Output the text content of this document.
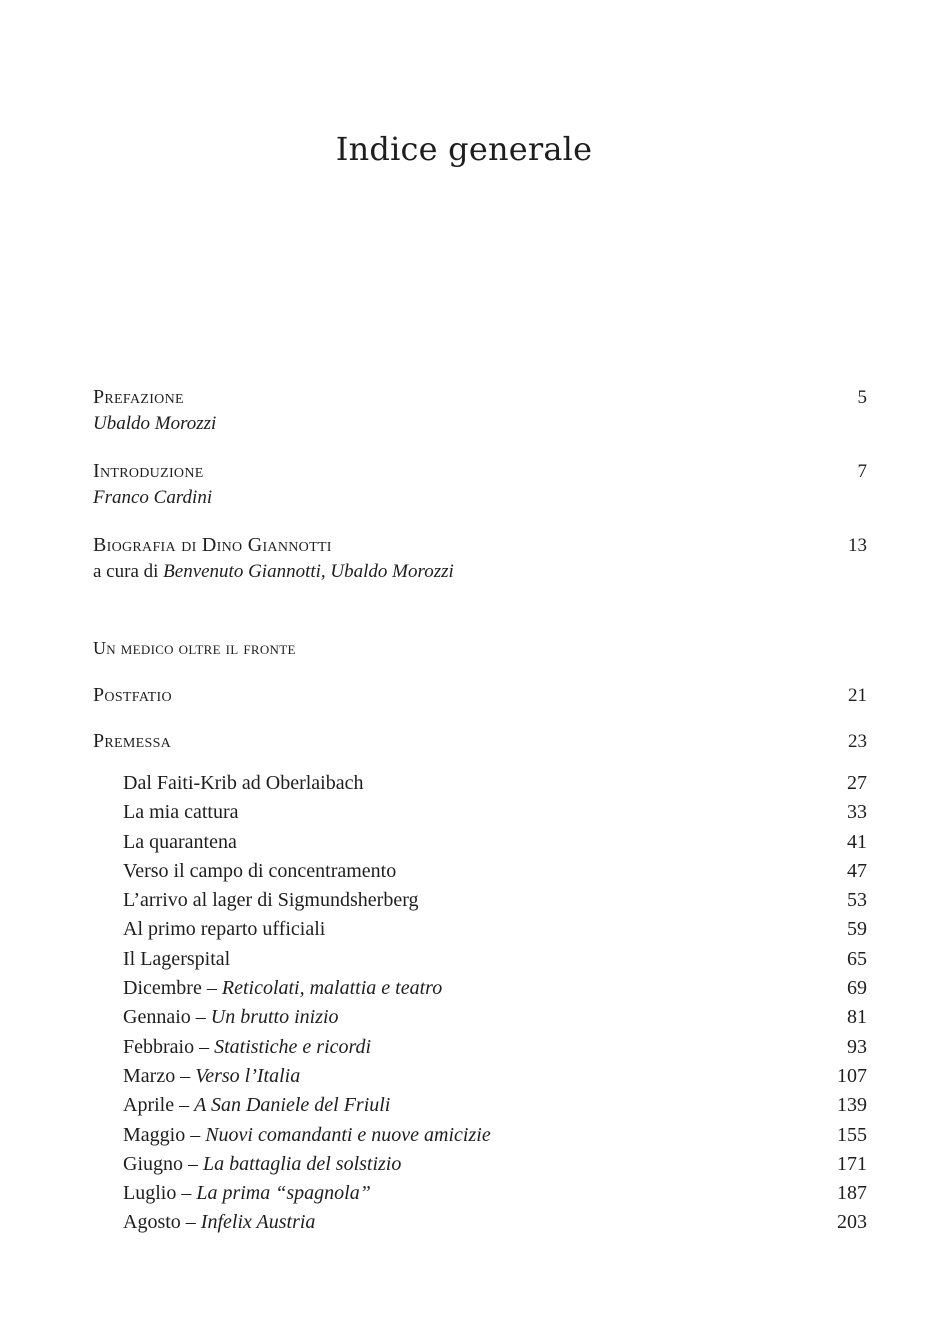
Indice generale
Prefazione	5
Ubaldo Morozzi
Introduzione	7
Franco Cardini
Biografia di Dino Giannotti	13
a cura di Benvenuto Giannotti, Ubaldo Morozzi
Un medico oltre il fronte
Postfatio	21
Premessa	23
Dal Faiti-Krib ad Oberlaibach	27
La mia cattura	33
La quarantena	41
Verso il campo di concentramento	47
L’arrivo al lager di Sigmundsherberg	53
Al primo reparto ufficiali	59
Il Lagerspital	65
Dicembre – Reticolati, malattia e teatro	69
Gennaio – Un brutto inizio	81
Febbraio – Statistiche e ricordi	93
Marzo – Verso l’Italia	107
Aprile – A San Daniele del Friuli	139
Maggio – Nuovi comandanti e nuove amicizie	155
Giugno – La battaglia del solstizio	171
Luglio – La prima “spagnola”	187
Agosto – Infelix Austria	203
